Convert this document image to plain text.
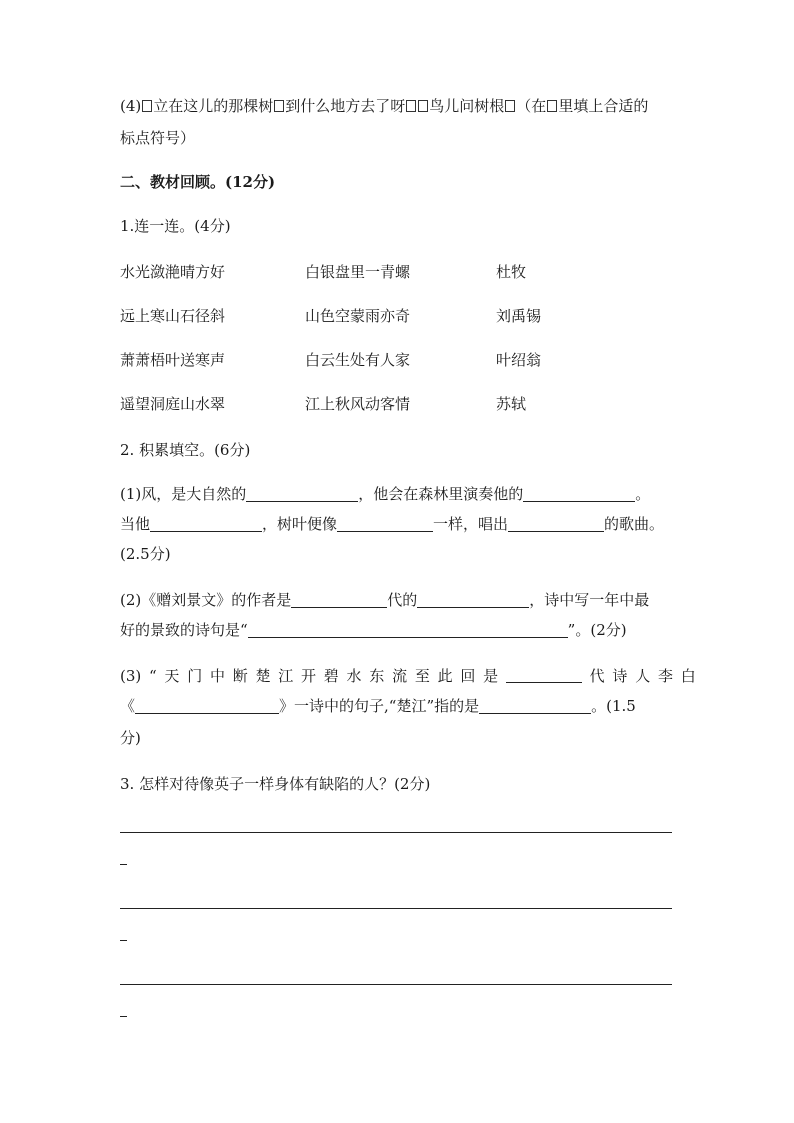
(4) 立在这儿的那棵树 到什么地方去了呀 鸟儿问树根 （在 里填上合适的
标点符号）
二、教材回顾。(12分)
1.连一连。(4分)
水光潋滟晴方好	白银盘里一青螺	杜牧
远上寒山石径斜	山色空蒙雨亦奇	刘禹锡
萧萧梧叶送寒声	白云生处有人家	叶绍翁
遥望洞庭山水翠	江上秋风动客情	苏轼
2. 积累填空。(6分)
(1)风，是大自然的	，他会在森林里演奏他的	。
当他	，树叶便像	一样，唱出	的歌曲。
(2.5分)
(2)《赠刘景文》的作者是	代的	，诗中写一年中最
好的景致的诗句是“	”。(2分)
(3) “ 天 门 中 断 楚 江 开 碧 水 东 流 至 此 回 是	代 诗 人 李 白
《	》一诗中的句子,“楚江”指的是	。(1.5
分)
3. 怎样对待像英子一样身体有缺陷的人？(2分)
